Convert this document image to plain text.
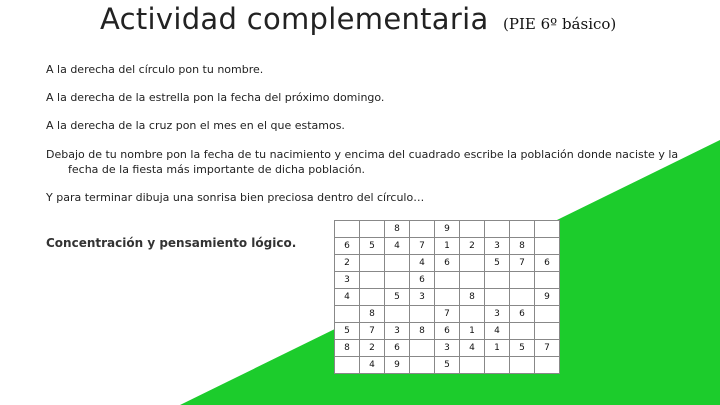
Actividad complementaria (PIE 6º básico)
A la derecha del círculo pon tu nombre.
A la derecha de la estrella pon la fecha del próximo domingo.
A la derecha de la cruz pon el mes en el que estamos.
Debajo de tu nombre pon la fecha de tu nacimiento y encima del cuadrado escribe la población donde naciste y la
fecha de la fiesta más importante de dicha población.
Y para terminar dibuja una sonrisa bien preciosa dentro del círculo…
Concentración y pensamiento lógico.
		8		9				
6	5	4	7	1	2	3	8	
2			4	6		5	7	6
3			6					
4		5	3		8			9
	8			7		3	6	
5	7	3	8	6	1	4		
8	2	6		3	4	1	5	7
	4	9		5				
